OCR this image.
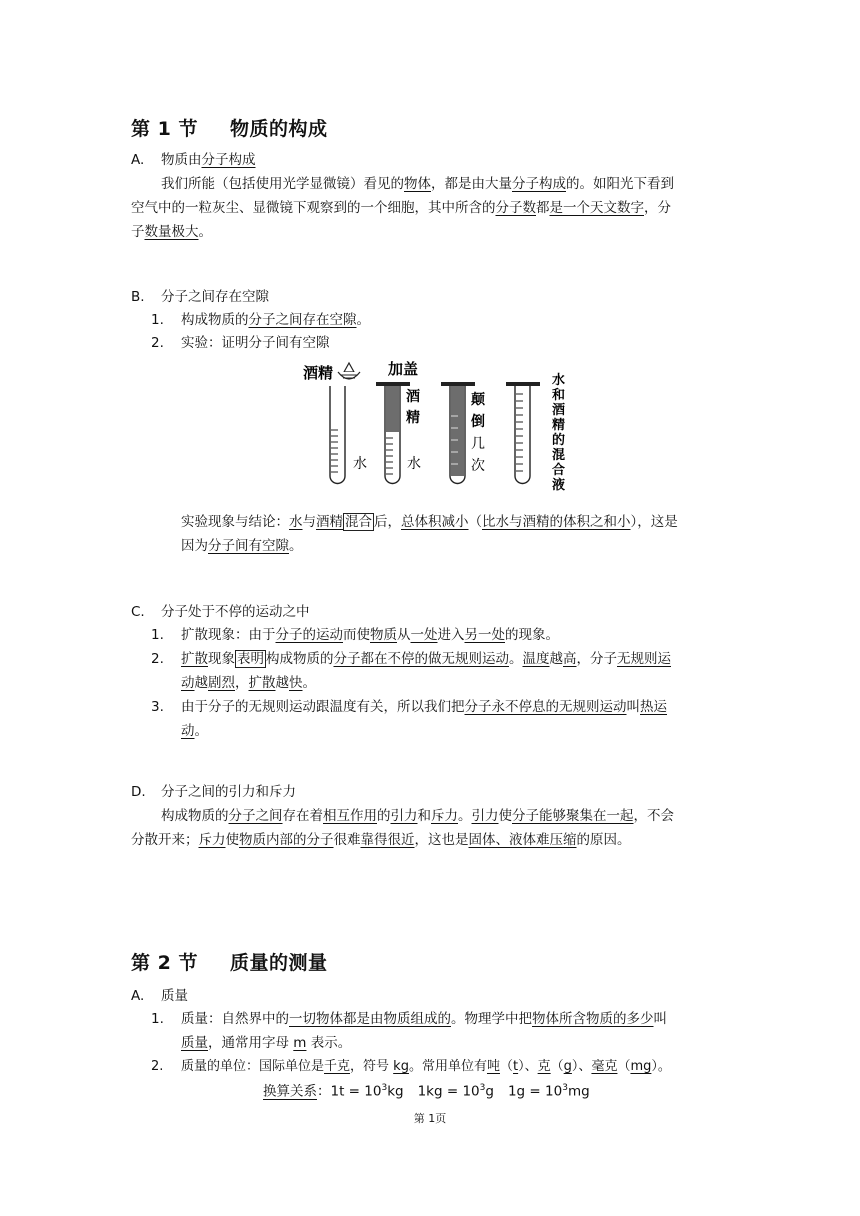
第 1 节 物质的构成
A. 物质由分子构成
我们所能（包括使用光学显微镜）看见的物体，都是由大量分子构成的。如阳光下看到
空气中的一粒灰尘、显微镜下观察到的一个细胞，其中所含的分子数都是一个天文数字，分
子数量极大。
B. 分子之间存在空隙
1. 构成物质的分子之间存在空隙。
2. 实验：证明分子间有空隙
酒精	加盖
水
酒
精
水
颠
倒
几
次
水
和
酒
精
的
混
合
液
实验现象与结论：水与酒精 混合 后，总体积减小（比水与酒精的体积之和小），这是
因为分子间有空隙。
C. 分子处于不停的运动之中
1. 扩散现象：由于分子的运动而使物质从一处进入另一处的现象。
2. 扩散现象 表明 构成物质的分子都在不停的做无规则运动。温度越高，分子无规则运
动越剧烈，扩散越快。
3. 由于分子的无规则运动跟温度有关，所以我们把分子永不停息的无规则运动叫热运
动。
D. 分子之间的引力和斥力
构成物质的分子之间存在着相互作用的引力和斥力。引力使分子能够聚集在一起，不会
分散开来；斥力使物质内部的分子很难靠得很近，这也是固体、液体难压缩的原因。
第 2 节 质量的测量
A. 质量
1. 质量：自然界中的一切物体都是由物质组成的。物理学中把物体所含物质的多少叫
质量，通常用字母 m 表示。
2. 质量的单位：国际单位是千克，符号 kg。常用单位有吨（t）、克（g）、毫克（mg）。
换算关系：$1t = 10^3kg$ $1kg = 10^3g$ $1g = 10^3mg$
第 1页
